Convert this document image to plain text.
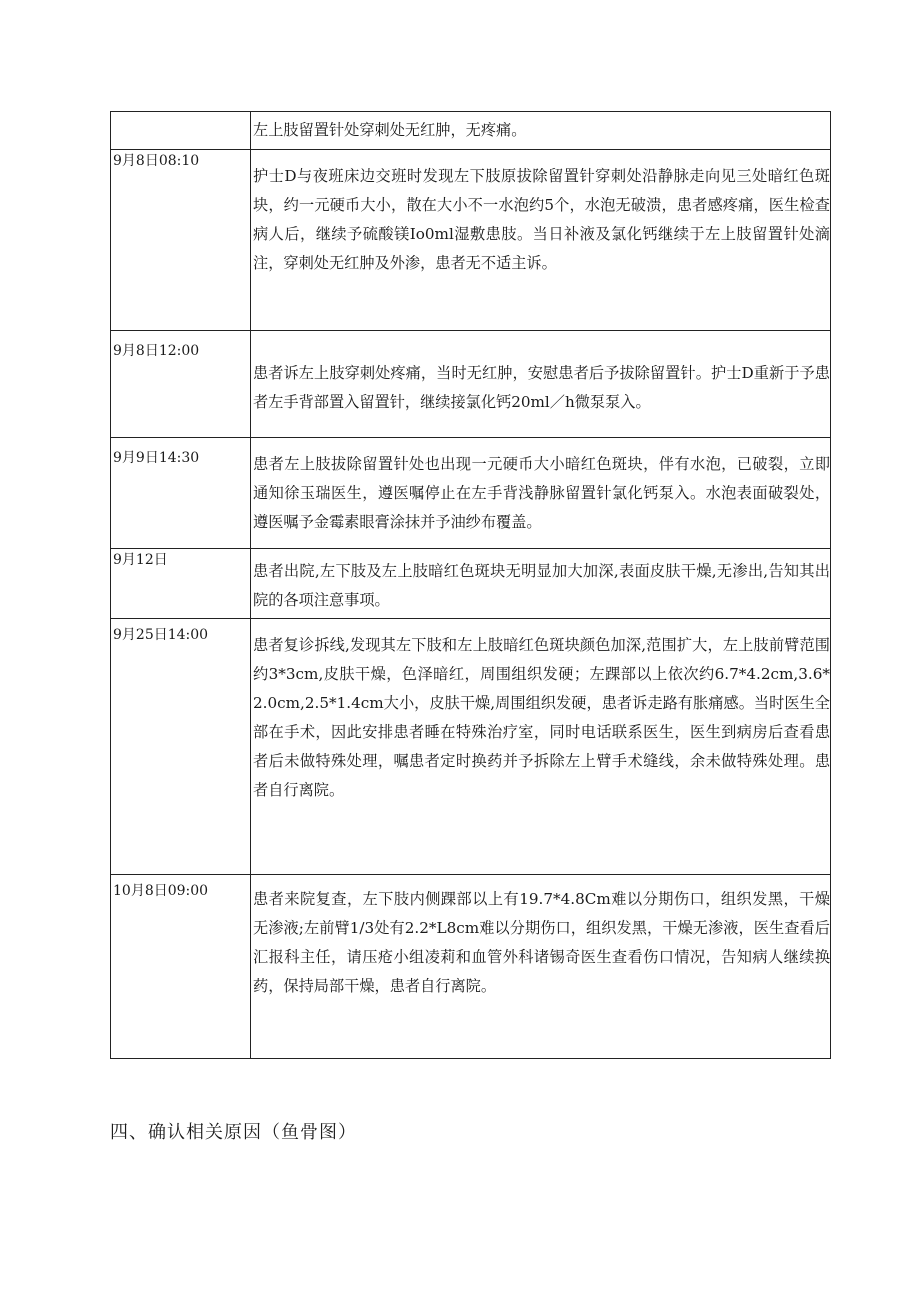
	左上肢留置针处穿刺处无红肿，无疼痛。
9月8日08:10	护士D与夜班床边交班时发现左下肢原拔除留置针穿刺处沿静脉走向见三处暗红色斑块，约一元硬币大小，散在大小不一水泡约5个，水泡无破溃，患者感疼痛，医生检查病人后，继续予硫酸镁Io0ml湿敷患肢。当日补液及氯化钙继续于左上肢留置针处滴注，穿刺处无红肿及外渗，患者无不适主诉。
9月8日12:00	患者诉左上肢穿刺处疼痛，当时无红肿，安慰患者后予拔除留置针。护士D重新于予患者左手背部置入留置针，继续接氯化钙20ml／h微泵泵入。
9月9日14:30	患者左上肢拔除留置针处也出现一元硬币大小暗红色斑块，伴有水泡，已破裂，立即通知徐玉瑞医生，遵医嘱停止在左手背浅静脉留置针氯化钙泵入。水泡表面破裂处，遵医嘱予金霉素眼膏涂抹并予油纱布覆盖。
9月12日	患者出院,左下肢及左上肢暗红色斑块无明显加大加深,表面皮肤干燥,无渗出,告知其出院的各项注意事项。
9月25日14:00	患者复诊拆线,发现其左下肢和左上肢暗红色斑块颜色加深,范围扩大，左上肢前臂范围约3*3cm,皮肤干燥，色泽暗红，周围组织发硬；左踝部以上依次约6.7*4.2cm,3.6*2.0cm,2.5*1.4cm大小，皮肤干燥,周围组织发硬，患者诉走路有胀痛感。当时医生全部在手术，因此安排患者睡在特殊治疗室，同时电话联系医生，医生到病房后查看患者后未做特殊处理，嘱患者定时换药并予拆除左上臂手术缝线，余未做特殊处理。患者自行离院。
10月8日09:00	患者来院复查，左下肢内侧踝部以上有19.7*4.8Cm难以分期伤口，组织发黑，干燥无渗液;左前臂1/3处有2.2*L8cm难以分期伤口，组织发黑，干燥无渗液，医生查看后汇报科主任，请压疮小组凌莉和血管外科诸锡奇医生查看伤口情况，告知病人继续换药，保持局部干燥，患者自行离院。
四、确认相关原因（鱼骨图）
